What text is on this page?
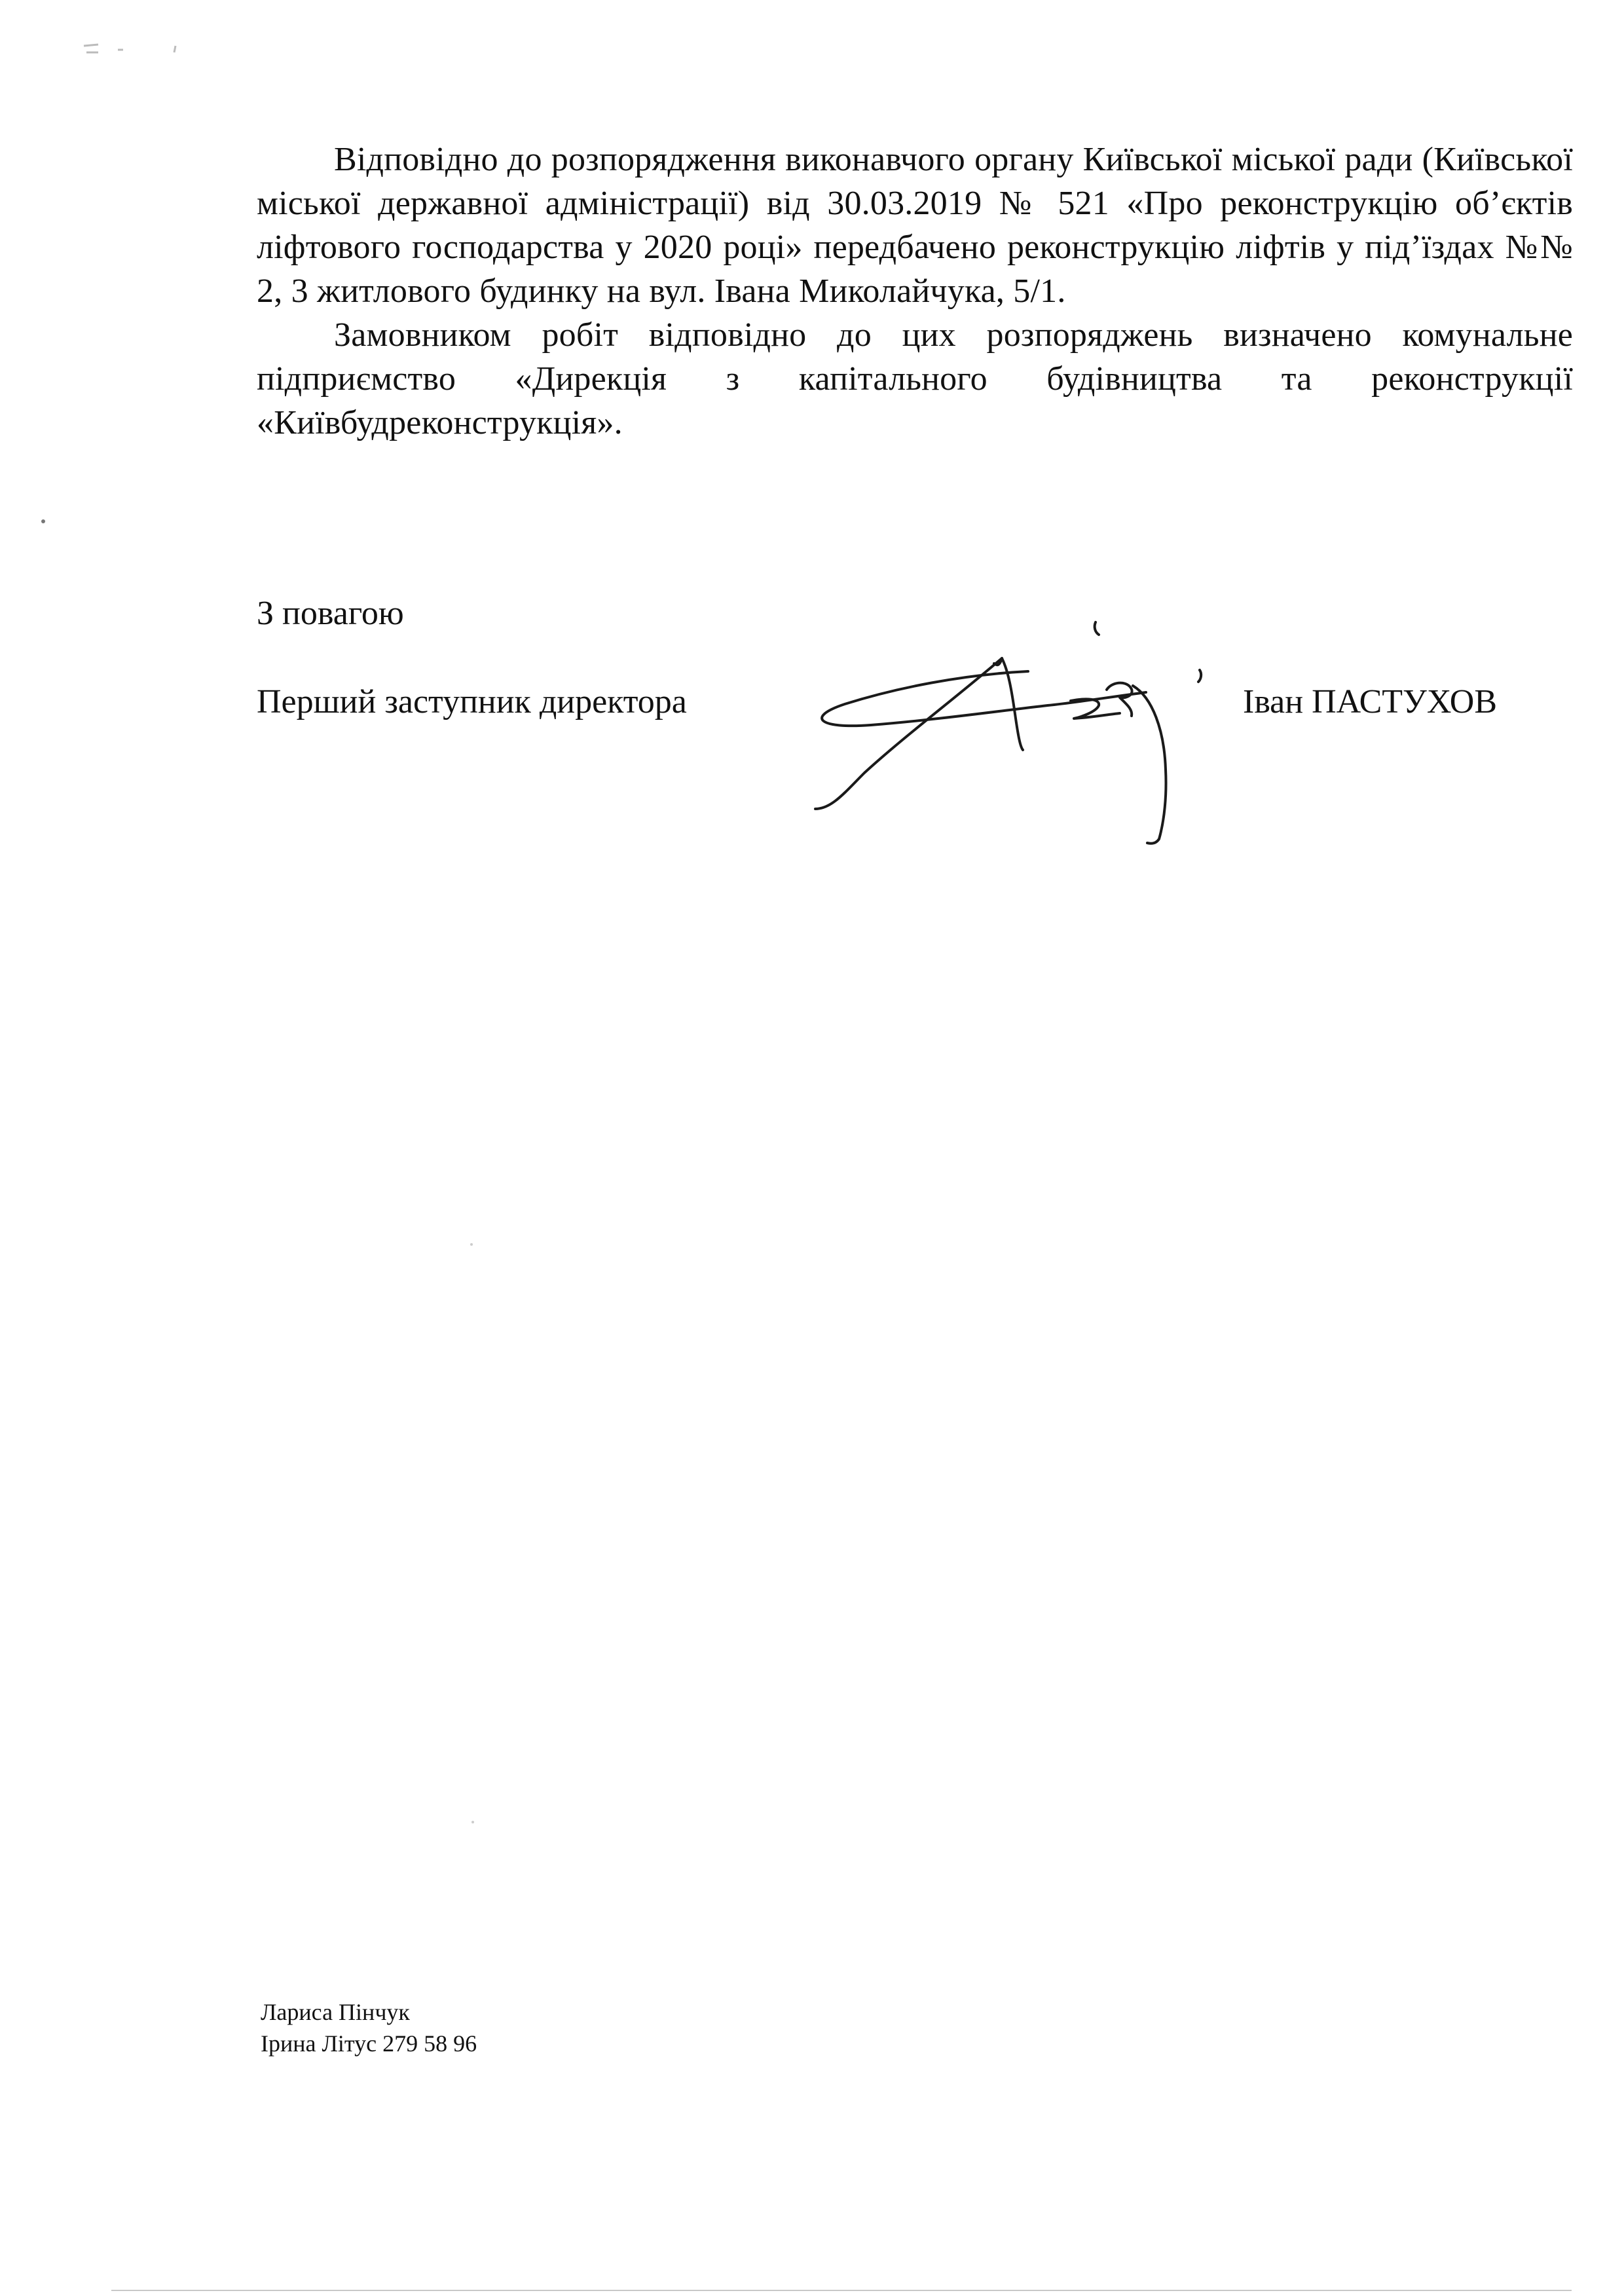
Відповідно до розпорядження виконавчого органу Київської міської ради (Київської міської державної адміністрації) від 30.03.2019 № 521 «Про реконструкцію об’єктів ліфтового господарства у 2020 році» передбачено реконструкцію ліфтів у під’їздах №№ 2, 3 житлового будинку на вул. Івана Миколайчука, 5/1.

Замовником робіт відповідно до цих розпоряджень визначено комунальне підприємство «Дирекція з капітального будівництва та реконструкції «Київбудреконструкція».

З повагою
Перший заступник директора	Іван ПАСТУХОВ
Лариса Пінчук
Ірина Літус 279 58 96
